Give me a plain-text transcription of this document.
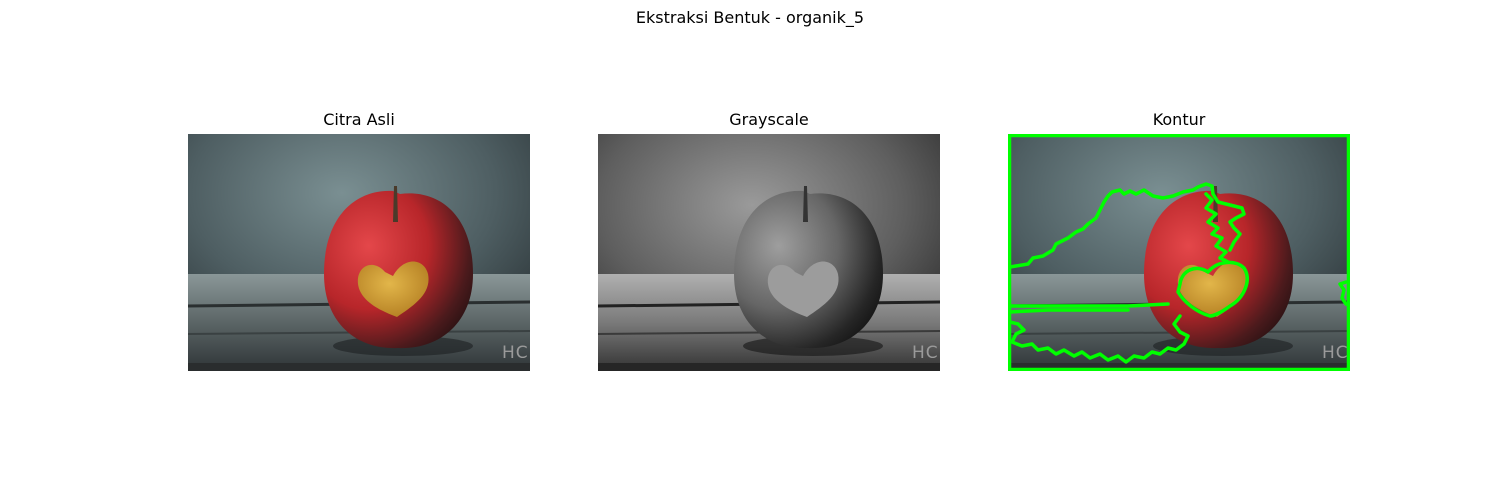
Ekstraksi Bentuk - organik_5
Citra Asli
HC
Grayscale
HC
Kontur
HC
